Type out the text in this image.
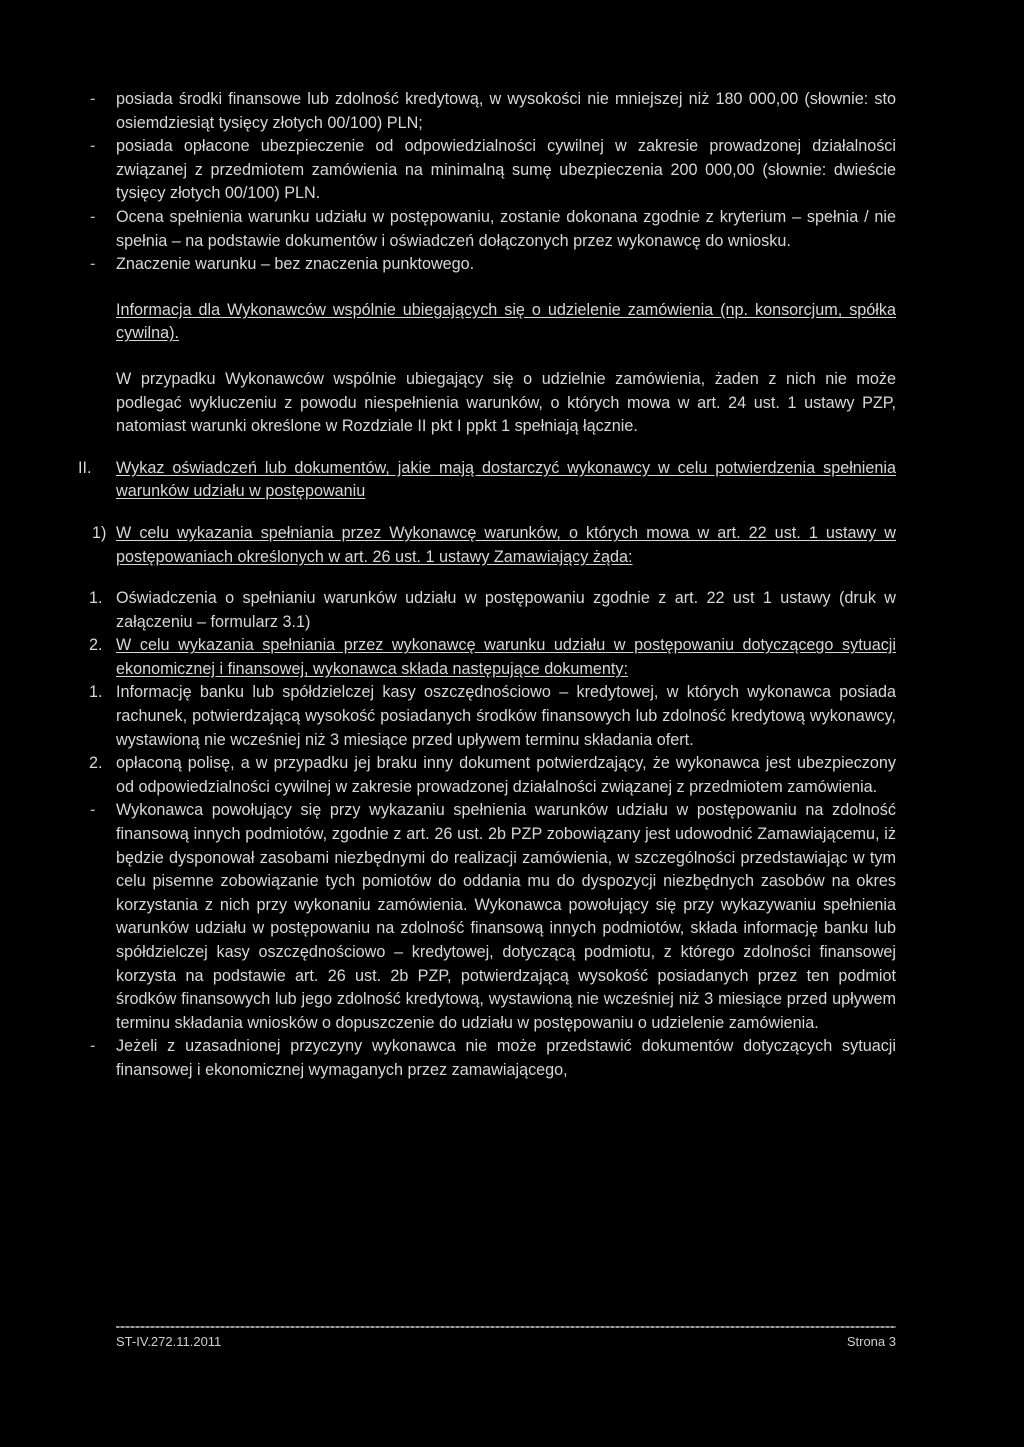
- posiada środki finansowe lub zdolność kredytową, w wysokości nie mniejszej niż 180 000,00 (słownie: sto osiemdziesiąt tysięcy złotych 00/100) PLN;
- posiada opłacone ubezpieczenie od odpowiedzialności cywilnej w zakresie prowadzonej działalności związanej z przedmiotem zamówienia na minimalną sumę ubezpieczenia 200 000,00 (słownie: dwieście tysięcy złotych 00/100) PLN.
- Ocena spełnienia warunku udziału w postępowaniu, zostanie dokonana zgodnie z kryterium – spełnia / nie spełnia – na podstawie dokumentów i oświadczeń dołączonych przez wykonawcę do wniosku.
- Znaczenie warunku – bez znaczenia punktowego.
Informacja dla Wykonawców wspólnie ubiegających się o udzielenie zamówienia (np. konsorcjum, spółka cywilna).
W przypadku Wykonawców wspólnie ubiegający się o udzielnie zamówienia, żaden z nich nie może podlegać wykluczeniu z powodu niespełnienia warunków, o których mowa w art. 24 ust. 1 ustawy PZP, natomiast warunki określone w Rozdziale II pkt I ppkt 1 spełniają łącznie.
II. Wykaz oświadczeń lub dokumentów, jakie mają dostarczyć wykonawcy w celu potwierdzenia spełnienia warunków udziału w postępowaniu
1) W celu wykazania spełniania przez Wykonawcę warunków, o których mowa w art. 22 ust. 1 ustawy w postępowaniach określonych w art. 26 ust. 1 ustawy Zamawiający żąda:
1. Oświadczenia o spełnianiu warunków udziału w postępowaniu zgodnie z art. 22 ust 1 ustawy (druk w załączeniu – formularz 3.1)
2. W celu wykazania spełniania przez wykonawcę warunku udziału w postępowaniu dotyczącego sytuacji ekonomicznej i finansowej, wykonawca składa następujące dokumenty:
1. Informację banku lub spółdzielczej kasy oszczędnościowo – kredytowej, w których wykonawca posiada rachunek, potwierdzającą wysokość posiadanych środków finansowych lub zdolność kredytową wykonawcy, wystawioną nie wcześniej niż 3 miesiące przed upływem terminu składania ofert.
2. opłaconą polisę, a w przypadku jej braku inny dokument potwierdzający, że wykonawca jest ubezpieczony od odpowiedzialności cywilnej w zakresie prowadzonej działalności związanej z przedmiotem zamówienia.
- Wykonawca powołujący się przy wykazaniu spełnienia warunków udziału w postępowaniu na zdolność finansową innych podmiotów, zgodnie z art. 26 ust. 2b PZP zobowiązany jest udowodnić Zamawiającemu, iż będzie dysponował zasobami niezbędnymi do realizacji zamówienia, w szczególności przedstawiając w tym celu pisemne zobowiązanie tych pomiotów do oddania mu do dyspozycji niezbędnych zasobów na okres korzystania z nich przy wykonaniu zamówienia. Wykonawca powołujący się przy wykazywaniu spełnienia warunków udziału w postępowaniu na zdolność finansową innych podmiotów, składa informację banku lub spółdzielczej kasy oszczędnościowo – kredytowej, dotyczącą podmiotu, z którego zdolności finansowej korzysta na podstawie art. 26 ust. 2b PZP, potwierdzającą wysokość posiadanych przez ten podmiot środków finansowych lub jego zdolność kredytową, wystawioną nie wcześniej niż 3 miesiące przed upływem terminu składania wniosków o dopuszczenie do udziału w postępowaniu o udzielenie zamówienia.
- Jeżeli z uzasadnionej przyczyny wykonawca nie może przedstawić dokumentów dotyczących sytuacji finansowej i ekonomicznej wymaganych przez zamawiającego,
ST-IV.272.11.2011	Strona 3
